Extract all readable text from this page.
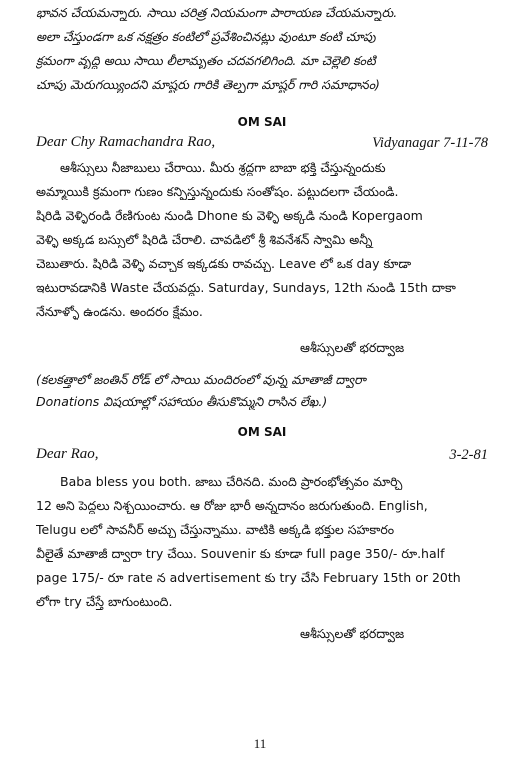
భావన చేయమన్నారు. సాయి చరిత్ర నియమంగా పారాయణ చేయమన్నారు.
అలా చేస్తుండగా ఒక నక్షత్రం కంటిలో ప్రవేశించినట్లు వుంటూ కంటి చూపు
క్రమంగా వృద్ధి అయి సాయి లీలామృతం చదవగలిగింది. మా చెల్లెలి కంటి
చూపు మెరుగయ్యిందని మాష్టరు గారికి తెల్పగా మాష్టర్ గారి సమాధానం)
OM SAI
Dear Chy Ramachandra Rao,	Vidyanagar 7-11-78
ఆశీస్సులు నీజాబులు చేరాయి. మీరు శ్రద్ధగా బాబా భక్తి చేస్తున్నందుకు
అమ్మాయికి క్రమంగా గుణం కన్పిస్తున్నందుకు సంతోషం. పట్టుదలగా చేయండి.
షిరిడి వెళ్ళిరండి రేణిగుంట నుండి Dhone కు వెళ్ళి అక్కడి నుండి Kopergaom
వెళ్ళి అక్కడ బస్సులో షిరిడి చేరాలి. చావడిలో శ్రీ శివనేశన్ స్వామి అన్నీ
చెబుతారు. షిరిడి వెళ్ళి వచ్చాక ఇక్కడకు రావచ్చు. Leave లో ఒక day కూడా
ఇటురావడానికి Waste చేయవద్దు. Saturday, Sundays, 12th నుండి 15th దాకా
నేనూళ్ళో ఉండను. అందరం క్షేమం.
ఆశీస్సులతో భరద్వాజ
(కలకత్తాలో జంతిన్ రోడ్ లో సాయి మందిరంలో వున్న మాతాజీ ద్వారా
Donations విషయాల్లో సహాయం తీసుకొమ్మని రాసిన లేఖ.)
OM SAI
Dear Rao,	3-2-81
Baba bless you both. జాబు చేరినది. మంది ప్రారంభోత్సవం మార్చి
12 అని పెద్దలు నిశ్చయించారు. ఆ రోజు భారీ అన్నదానం జరుగుతుంది. English,
Telugu లలో సావనీర్ అచ్చు చేస్తున్నాము. వాటికి అక్కడి భక్తుల సహకారం
వీలైతే మాతాజీ ద్వారా try చేయి. Souvenir కు కూడా full page 350/- రూ.half
page 175/- రూ rate న advertisement కు try చేసి February 15th or 20th
లోగా try చేస్తే బాగుంటుంది.
ఆశీస్సులతో భరద్వాజ
11
